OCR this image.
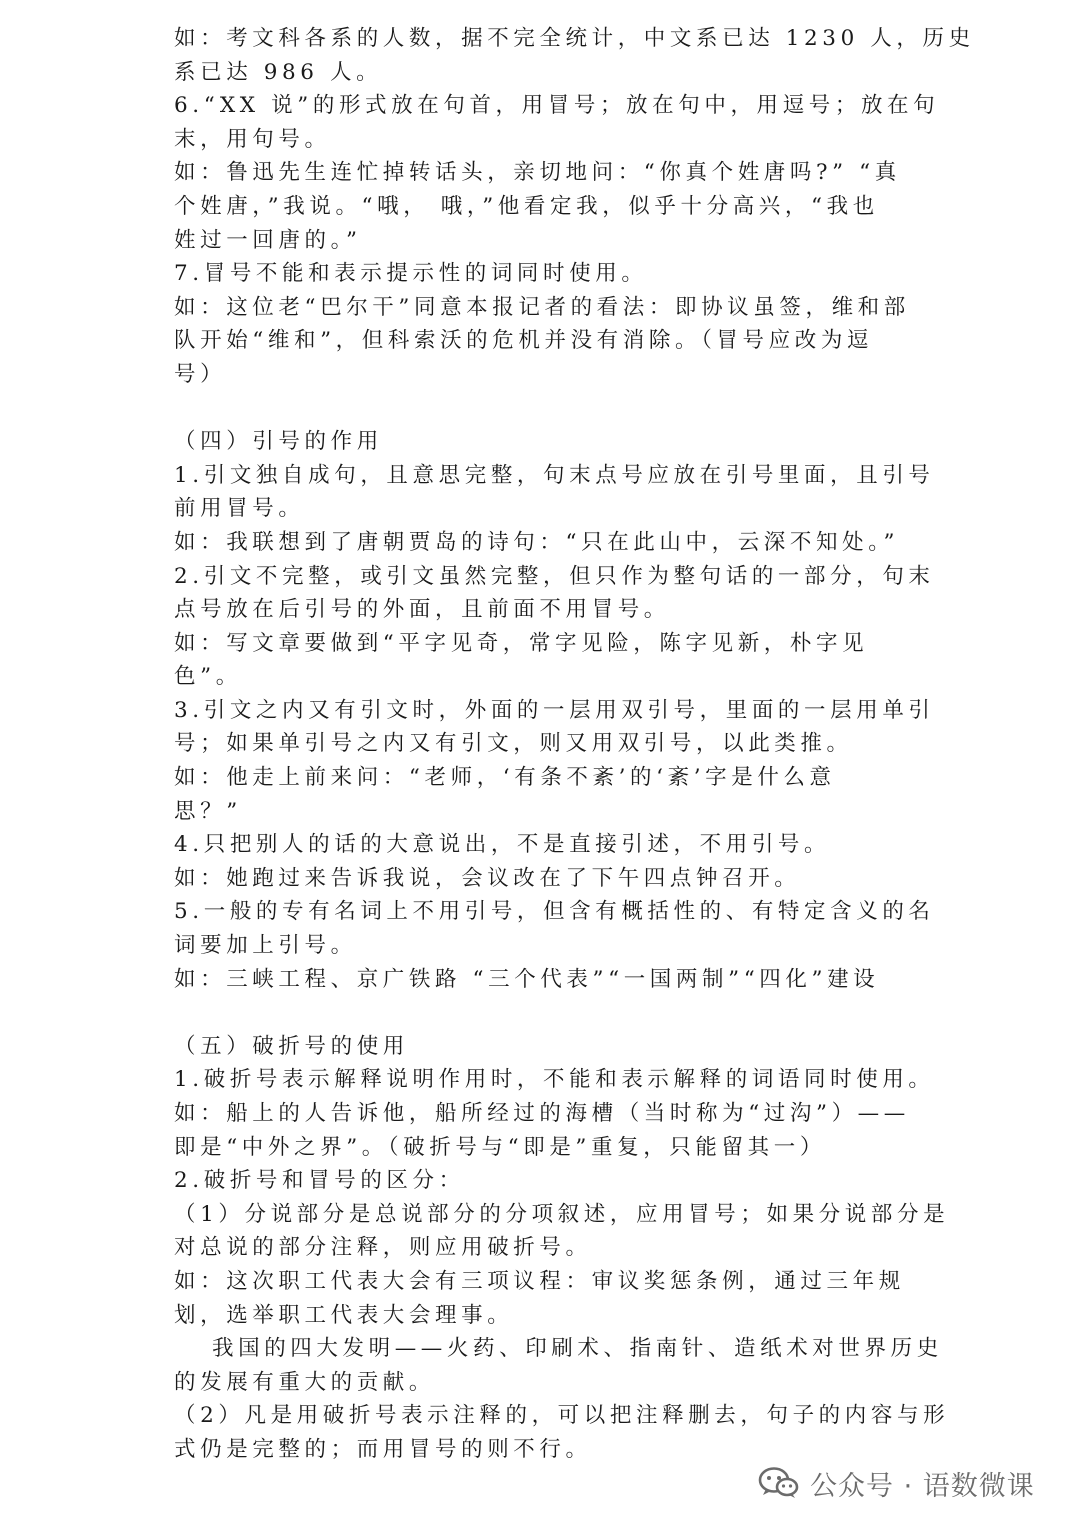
如：考文科各系的人数，据不完全统计，中文系已达 1230 人，历史
系已达 986 人。
6.“XX 说”的形式放在句首，用冒号；放在句中，用逗号；放在句
末，用句号。
如：鲁迅先生连忙掉转话头，亲切地问：“你真个姓唐吗?” “真
个姓唐，”我说。“哦， 哦，”他看定我，似乎十分高兴，“我也
姓过一回唐的。”
7.冒号不能和表示提示性的词同时使用。
如：这位老“巴尔干”同意本报记者的看法：即协议虽签，维和部
队开始“维和”，但科索沃的危机并没有消除。（冒号应改为逗
号）
（四）引号的作用
1.引文独自成句，且意思完整，句末点号应放在引号里面，且引号
前用冒号。
如：我联想到了唐朝贾岛的诗句：“只在此山中，云深不知处。”
2.引文不完整，或引文虽然完整，但只作为整句话的一部分，句末
点号放在后引号的外面，且前面不用冒号。
如：写文章要做到“平字见奇，常字见险，陈字见新，朴字见
色”。
3.引文之内又有引文时，外面的一层用双引号，里面的一层用单引
号；如果单引号之内又有引文，则又用双引号，以此类推。
如：他走上前来问：“老师，‘有条不紊’的‘紊’字是什么意
思？”
4.只把别人的话的大意说出，不是直接引述，不用引号。
如：她跑过来告诉我说，会议改在了下午四点钟召开。
5.一般的专有名词上不用引号，但含有概括性的、有特定含义的名
词要加上引号。
如：三峡工程、京广铁路 “三个代表”“一国两制”“四化”建设
（五）破折号的使用
1.破折号表示解释说明作用时，不能和表示解释的词语同时使用。
如：船上的人告诉他，船所经过的海槽（当时称为“过沟”）——
即是“中外之界”。（破折号与“即是”重复，只能留其一）
2.破折号和冒号的区分：
（1）分说部分是总说部分的分项叙述，应用冒号；如果分说部分是
对总说的部分注释，则应用破折号。
如：这次职工代表大会有三项议程：审议奖惩条例，通过三年规
划，选举职工代表大会理事。
我国的四大发明——火药、印刷术、指南针、造纸术对世界历史
的发展有重大的贡献。
（2）凡是用破折号表示注释的，可以把注释删去，句子的内容与形
式仍是完整的；而用冒号的则不行。
公众号 · 语数微课
